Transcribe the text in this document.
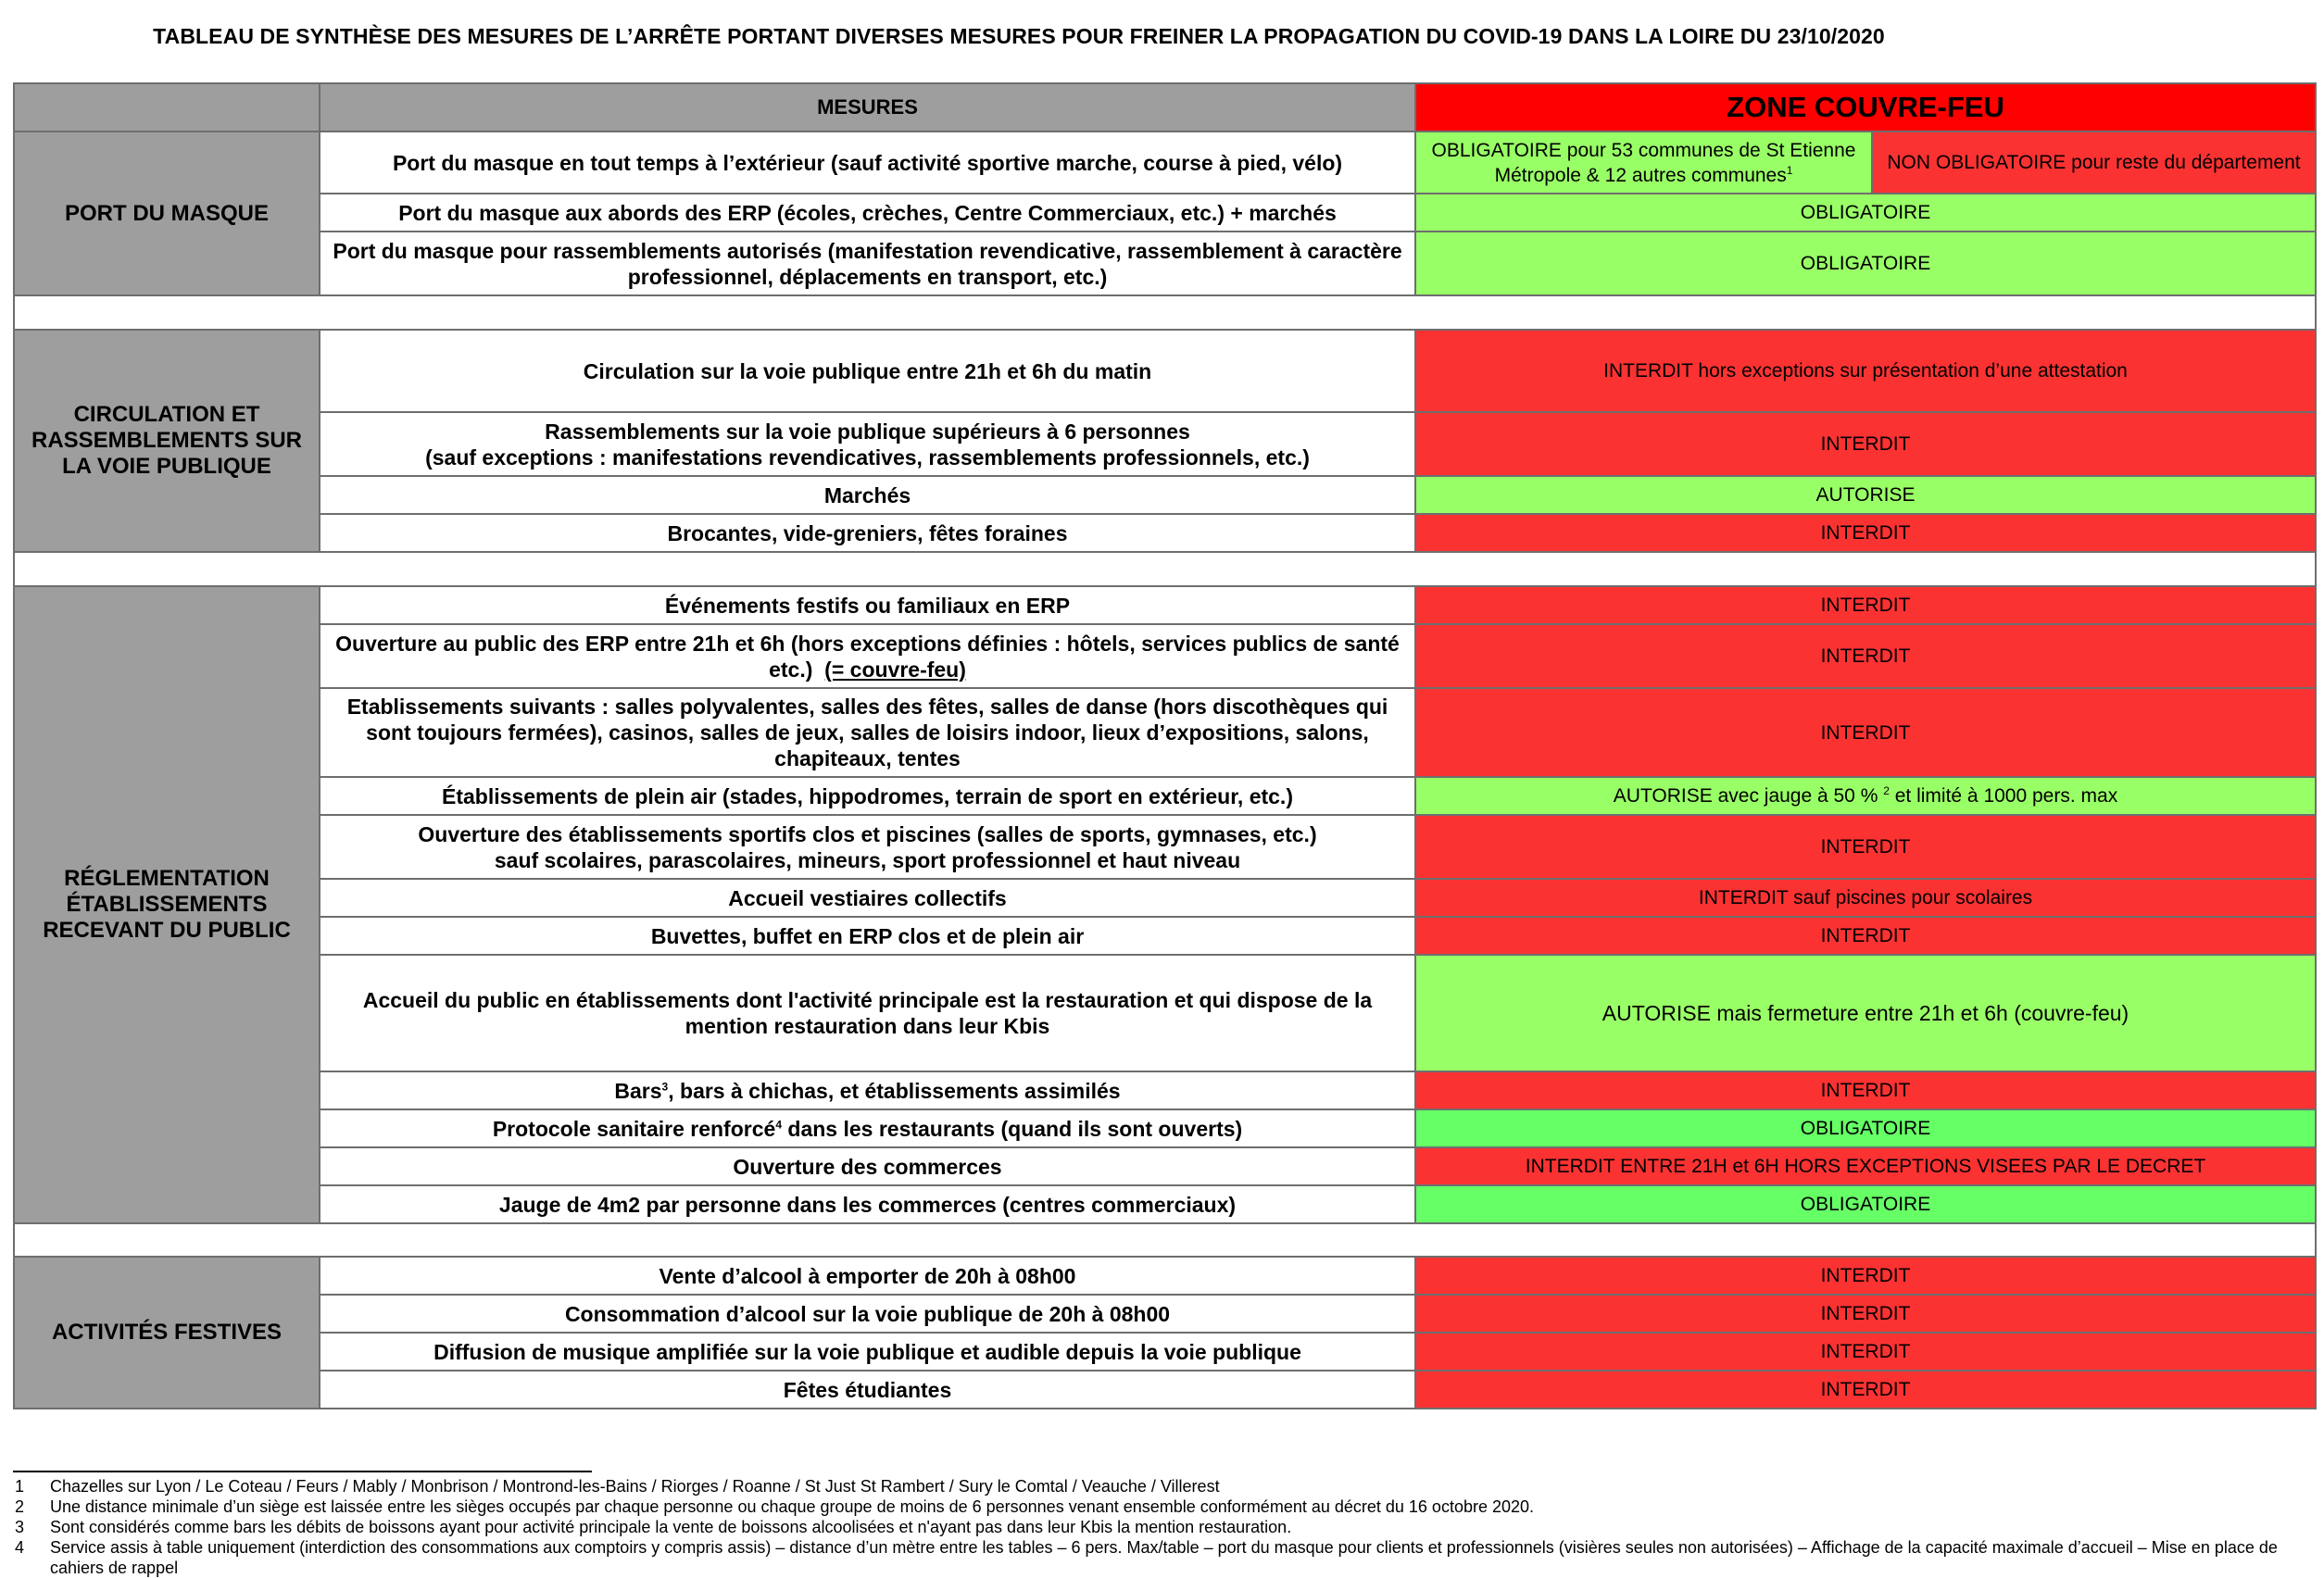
TABLEAU DE SYNTHÈSE DES MESURES DE L’ARRÊTE PORTANT DIVERSES MESURES POUR FREINER LA PROPAGATION DU COVID-19 DANS LA LOIRE DU 23/10/2020
	MESURES	ZONE COUVRE-FEU	
PORT DU MASQUE	Port du masque en tout temps à l’extérieur (sauf activité sportive marche, course à pied, vélo)	OBLIGATOIRE pour 53 communes de St Etienne Métropole & 12 autres communes$^1$	NON OBLIGATOIRE pour reste du département
	Port du masque aux abords des ERP (écoles, crèches, Centre Commerciaux, etc.) + marchés	OBLIGATOIRE	
	Port du masque pour rassemblements autorisés (manifestation revendicative, rassemblement à caractère professionnel, déplacements en transport, etc.)	OBLIGATOIRE	

CIRCULATION ET RASSEMBLEMENTS SUR LA VOIE PUBLIQUE	Circulation sur la voie publique entre 21h et 6h du matin	INTERDIT hors exceptions sur présentation d’une attestation	
	Rassemblements sur la voie publique supérieurs à 6 personnes
(sauf exceptions : manifestations revendicatives, rassemblements professionnels, etc.)	INTERDIT	
	Marchés	AUTORISE	
	Brocantes, vide-greniers, fêtes foraines	INTERDIT	

RÉGLEMENTATION ÉTABLISSEMENTS RECEVANT DU PUBLIC	Événements festifs ou familiaux en ERP	INTERDIT	
	Ouverture au public des ERP entre 21h et 6h (hors exceptions définies : hôtels, services publics de santé etc.) (= couvre-feu)	INTERDIT	
	Etablissements suivants : salles polyvalentes, salles des fêtes, salles de danse (hors discothèques qui sont toujours fermées), casinos, salles de jeux, salles de loisirs indoor, lieux d’expositions, salons, chapiteaux, tentes	INTERDIT	
	Établissements de plein air (stades, hippodromes, terrain de sport en extérieur, etc.)	AUTORISE avec jauge à 50 % $^2$ et limité à 1000 pers. max	
	Ouverture des établissements sportifs clos et piscines (salles de sports, gymnases, etc.)
sauf scolaires, parascolaires, mineurs, sport professionnel et haut niveau	INTERDIT	
	Accueil vestiaires collectifs	INTERDIT sauf piscines pour scolaires	
	Buvettes, buffet en ERP clos et de plein air	INTERDIT	
	Accueil du public en établissements dont l'activité principale est la restauration et qui dispose de la mention restauration dans leur Kbis	AUTORISE mais fermeture entre 21h et 6h (couvre-feu)	
	Bars$^3$, bars à chichas, et établissements assimilés	INTERDIT	
	Protocole sanitaire renforcé$^4$ dans les restaurants (quand ils sont ouverts)	OBLIGATOIRE	
	Ouverture des commerces	INTERDIT ENTRE 21H et 6H HORS EXCEPTIONS VISEES PAR LE DECRET	
	Jauge de 4m2 par personne dans les commerces (centres commerciaux)	OBLIGATOIRE	

ACTIVITÉS FESTIVES	Vente d’alcool à emporter de 20h à 08h00	INTERDIT	
	Consommation d’alcool sur la voie publique de 20h à 08h00	INTERDIT	
	Diffusion de musique amplifiée sur la voie publique et audible depuis la voie publique	INTERDIT	
	Fêtes étudiantes	INTERDIT	
1 Chazelles sur Lyon / Le Coteau / Feurs / Mably / Monbrison / Montrond-les-Bains / Riorges / Roanne / St Just St Rambert / Sury le Comtal / Veauche / Villerest
2 Une distance minimale d’un siège est laissée entre les sièges occupés par chaque personne ou chaque groupe de moins de 6 personnes venant ensemble conformément au décret du 16 octobre 2020.
3 Sont considérés comme bars les débits de boissons ayant pour activité principale la vente de boissons alcoolisées et n'ayant pas dans leur Kbis la mention restauration.
4 Service assis à table uniquement (interdiction des consommations aux comptoirs y compris assis) – distance d’un mètre entre les tables – 6 pers. Max/table – port du masque pour clients et professionnels (visières seules non autorisées) – Affichage de la capacité maximale d’accueil – Mise en place de cahiers de rappel
